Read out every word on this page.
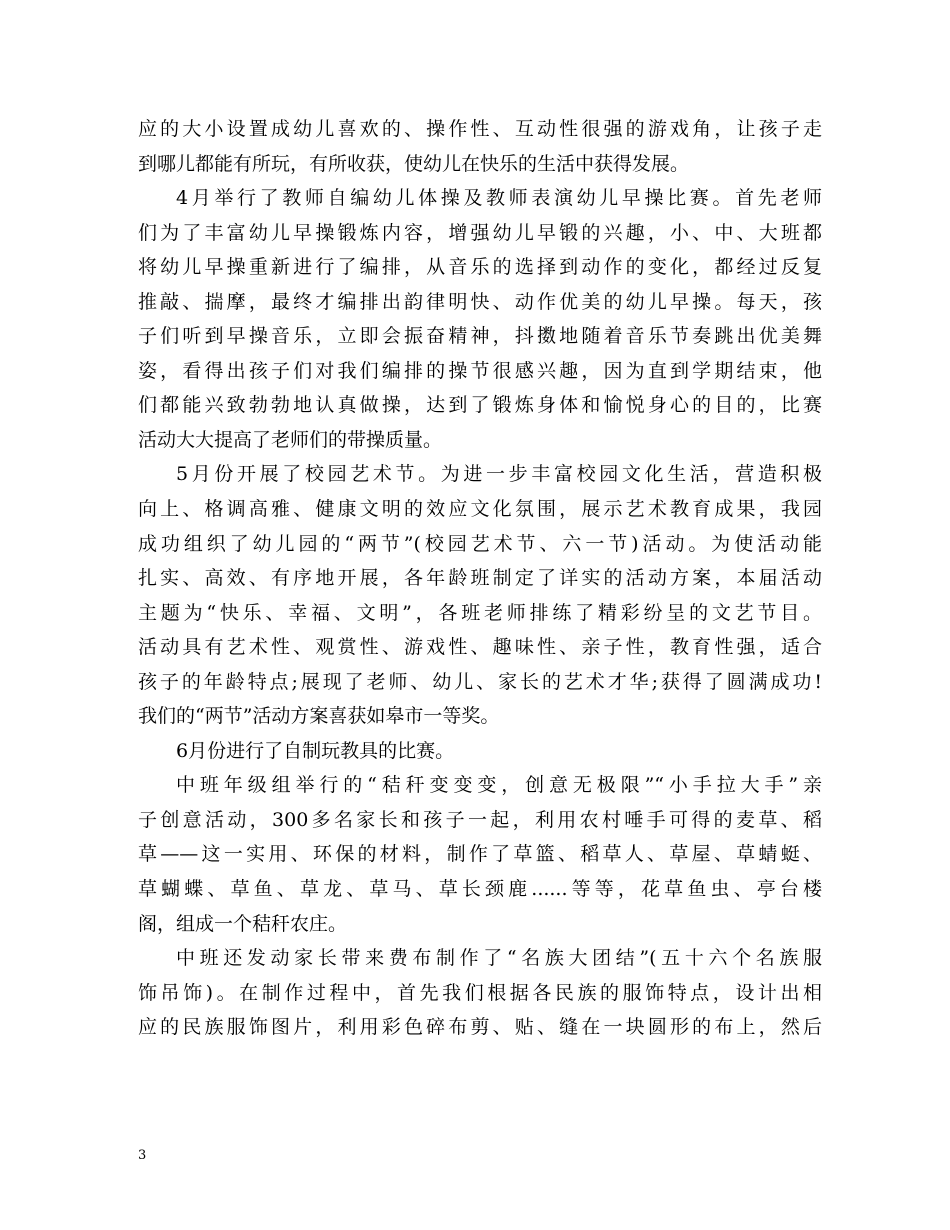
应的大小设置成幼儿喜欢的、操作性、互动性很强的游戏角，让孩子走
到哪儿都能有所玩，有所收获，使幼儿在快乐的生活中获得发展。
4月举行了教师自编幼儿体操及教师表演幼儿早操比赛。首先老师
们为了丰富幼儿早操锻炼内容，增强幼儿早锻的兴趣，小、中、大班都
将幼儿早操重新进行了编排，从音乐的选择到动作的变化，都经过反复
推敲、揣摩，最终才编排出韵律明快、动作优美的幼儿早操。每天，孩
子们听到早操音乐，立即会振奋精神，抖擞地随着音乐节奏跳出优美舞
姿，看得出孩子们对我们编排的操节很感兴趣，因为直到学期结束，他
们都能兴致勃勃地认真做操，达到了锻炼身体和愉悦身心的目的，比赛
活动大大提高了老师们的带操质量。
5月份开展了校园艺术节。为进一步丰富校园文化生活，营造积极
向上、格调高雅、健康文明的效应文化氛围，展示艺术教育成果，我园
成功组织了幼儿园的“两节”(校园艺术节、六一节)活动。为使活动能
扎实、高效、有序地开展，各年龄班制定了详实的活动方案，本届活动
主题为“快乐、幸福、文明”，各班老师排练了精彩纷呈的文艺节目。
活动具有艺术性、观赏性、游戏性、趣味性、亲子性，教育性强，适合
孩子的年龄特点;展现了老师、幼儿、家长的艺术才华;获得了圆满成功!
我们的“两节”活动方案喜获如皋市一等奖。
6月份进行了自制玩教具的比赛。
中班年级组举行的“秸秆变变变，创意无极限”“小手拉大手”亲
子创意活动，300多名家长和孩子一起，利用农村唾手可得的麦草、稻
草——这一实用、环保的材料，制作了草篮、稻草人、草屋、草蜻蜓、
草蝴蝶、草鱼、草龙、草马、草长颈鹿......等等，花草鱼虫、亭台楼
阁，组成一个秸秆农庄。
中班还发动家长带来费布制作了“名族大团结”(五十六个名族服
饰吊饰)。在制作过程中，首先我们根据各民族的服饰特点，设计出相
应的民族服饰图片，利用彩色碎布剪、贴、缝在一块圆形的布上，然后
3
